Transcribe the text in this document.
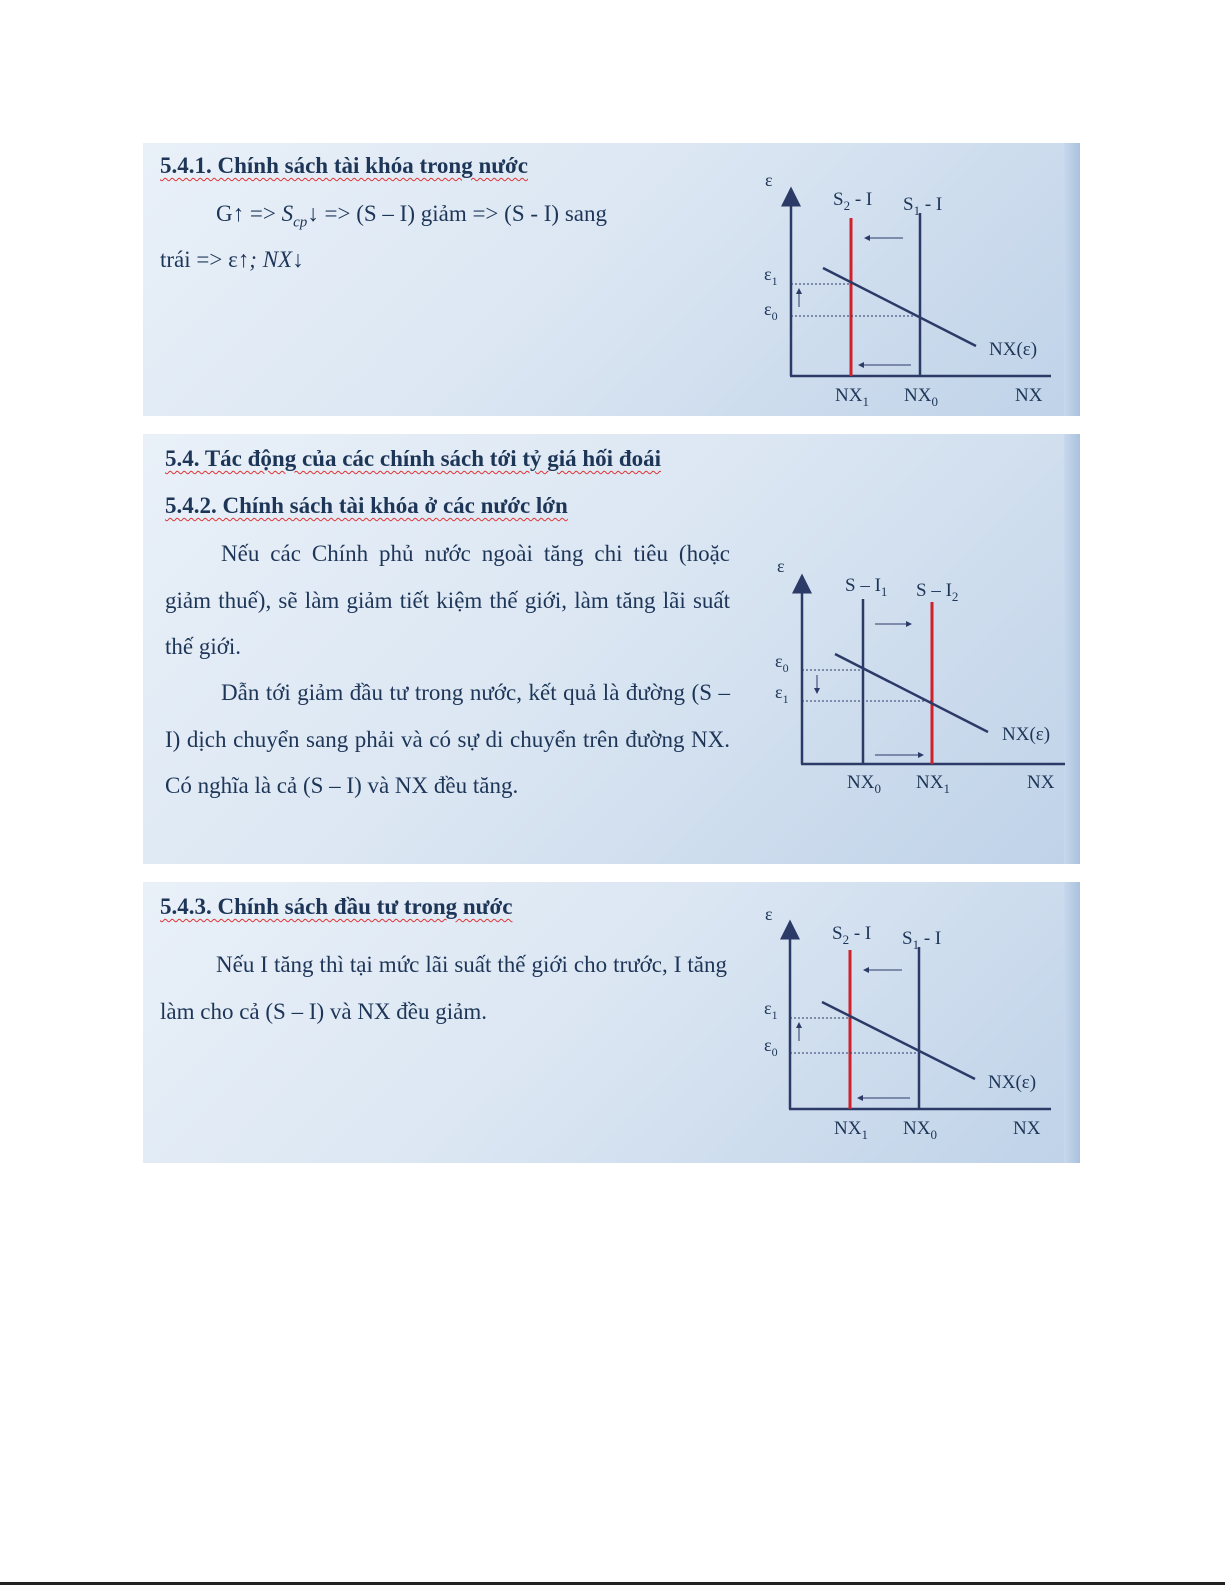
5.4.1. Chính sách tài khóa trong nước
G↑ => $S_{cp}↓ => (S - I)$ giảm => (S - I) sang
trái => ε↑; NX↓
ε
NX
$S_2$ - I $S_1$ - I
$\varepsilon_1$
$\varepsilon_0$
NX(ε)
$NX_1$ $NX_0$
5.4. Tác động của các chính sách tới tỷ giá hối đoái
5.4.2. Chính sách tài khóa ở các nước lớn

Nếu các Chính phủ nước ngoài tăng chi tiêu (hoặc giảm thuế), sẽ làm giảm tiết kiệm thế giới, làm tăng lãi suất thế giới.

Dẫn tới giảm đầu tư trong nước, kết quả là đường (S – I) dịch chuyển sang phải và có sự di chuyển trên đường NX. Có nghĩa là cả (S – I) và NX đều tăng.

ε
NX
S – $I_1$ S – $I_2$
$\varepsilon_0$
$\varepsilon_1$
NX(ε)
$NX_0$ $NX_1$
5.4.3. Chính sách đầu tư trong nước

Nếu I tăng thì tại mức lãi suất thế giới cho trước, I tăng làm cho cả (S – I) và NX đều giảm.

ε
NX
$S_2$ - I $S_1$ - I
$\varepsilon_1$
$\varepsilon_0$
NX(ε)
$NX_1$ $NX_0$
